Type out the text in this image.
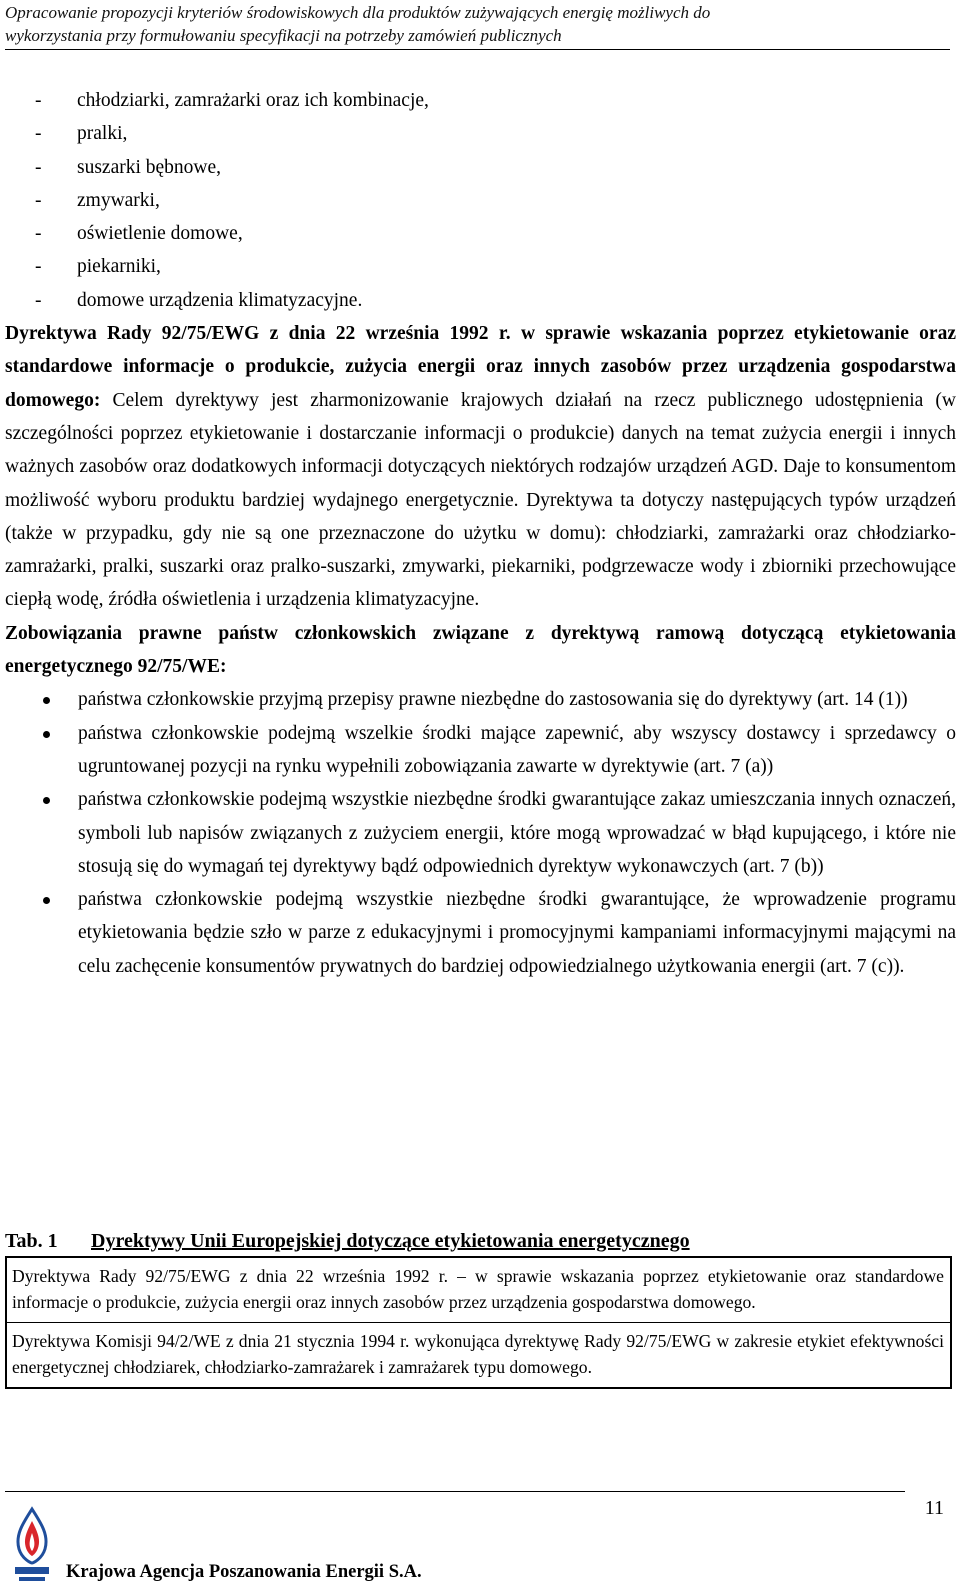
Opracowanie propozycji kryteriów środowiskowych dla produktów zużywających energię możliwych do
wykorzystania przy formułowaniu specyfikacji na potrzeby zamówień publicznych
- chłodziarki, zamrażarki oraz ich kombinacje,
- pralki,
- suszarki bębnowe,
- zmywarki,
- oświetlenie domowe,
- piekarniki,
- domowe urządzenia klimatyzacyjne.

Dyrektywa Rady 92/75/EWG z dnia 22 września 1992 r. w sprawie wskazania poprzez etykietowanie oraz standardowe informacje o produkcie, zużycia energii oraz innych zasobów przez urządzenia gospodarstwa domowego: Celem dyrektywy jest zharmonizowanie krajowych działań na rzecz publicznego udostępnienia (w szczególności poprzez etykietowanie i dostarczanie informacji o produkcie) danych na temat zużycia energii i innych ważnych zasobów oraz dodatkowych informacji dotyczących niektórych rodzajów urządzeń AGD. Daje to konsumentom możliwość wyboru produktu bardziej wydajnego energetycznie. Dyrektywa ta dotyczy następujących typów urządzeń (także w przypadku, gdy nie są one przeznaczone do użytku w domu): chłodziarki, zamrażarki oraz chłodziarko-zamrażarki, pralki, suszarki oraz pralko-suszarki, zmywarki, piekarniki, podgrzewacze wody i zbiorniki przechowujące ciepłą wodę, źródła oświetlenia i urządzenia klimatyzacyjne.

Zobowiązania prawne państw członkowskich związane z dyrektywą ramową dotyczącą etykietowania energetycznego 92/75/WE:

państwa członkowskie przyjmą przepisy prawne niezbędne do zastosowania się do dyrektywy (art. 14 (1))
państwa członkowskie podejmą wszelkie środki mające zapewnić, aby wszyscy dostawcy i sprzedawcy o ugruntowanej pozycji na rynku wypełnili zobowiązania zawarte w dyrektywie (art. 7 (a))
państwa członkowskie podejmą wszystkie niezbędne środki gwarantujące zakaz umieszczania innych oznaczeń, symboli lub napisów związanych z zużyciem energii, które mogą wprowadzać w błąd kupującego, i które nie stosują się do wymagań tej dyrektywy bądź odpowiednich dyrektyw wykonawczych (art. 7 (b))
państwa członkowskie podejmą wszystkie niezbędne środki gwarantujące, że wprowadzenie programu etykietowania będzie szło w parze z edukacyjnymi i promocyjnymi kampaniami informacyjnymi mającymi na celu zachęcenie konsumentów prywatnych do bardziej odpowiedzialnego użytkowania energii (art. 7 (c)).
Tab. 1 Dyrektywy Unii Europejskiej dotyczące etykietowania energetycznego
Dyrektywa Rady 92/75/EWG z dnia 22 września 1992 r. – w sprawie wskazania poprzez etykietowanie oraz standardowe informacje o produkcie, zużycia energii oraz innych zasobów przez urządzenia gospodarstwa domowego.
Dyrektywa Komisji 94/2/WE z dnia 21 stycznia 1994 r. wykonująca dyrektywę Rady 92/75/EWG w zakresie etykiet efektywności energetycznej chłodziarek, chłodziarko-zamrażarek i zamrażarek typu domowego.
11
Krajowa Agencja Poszanowania Energii S.A.
